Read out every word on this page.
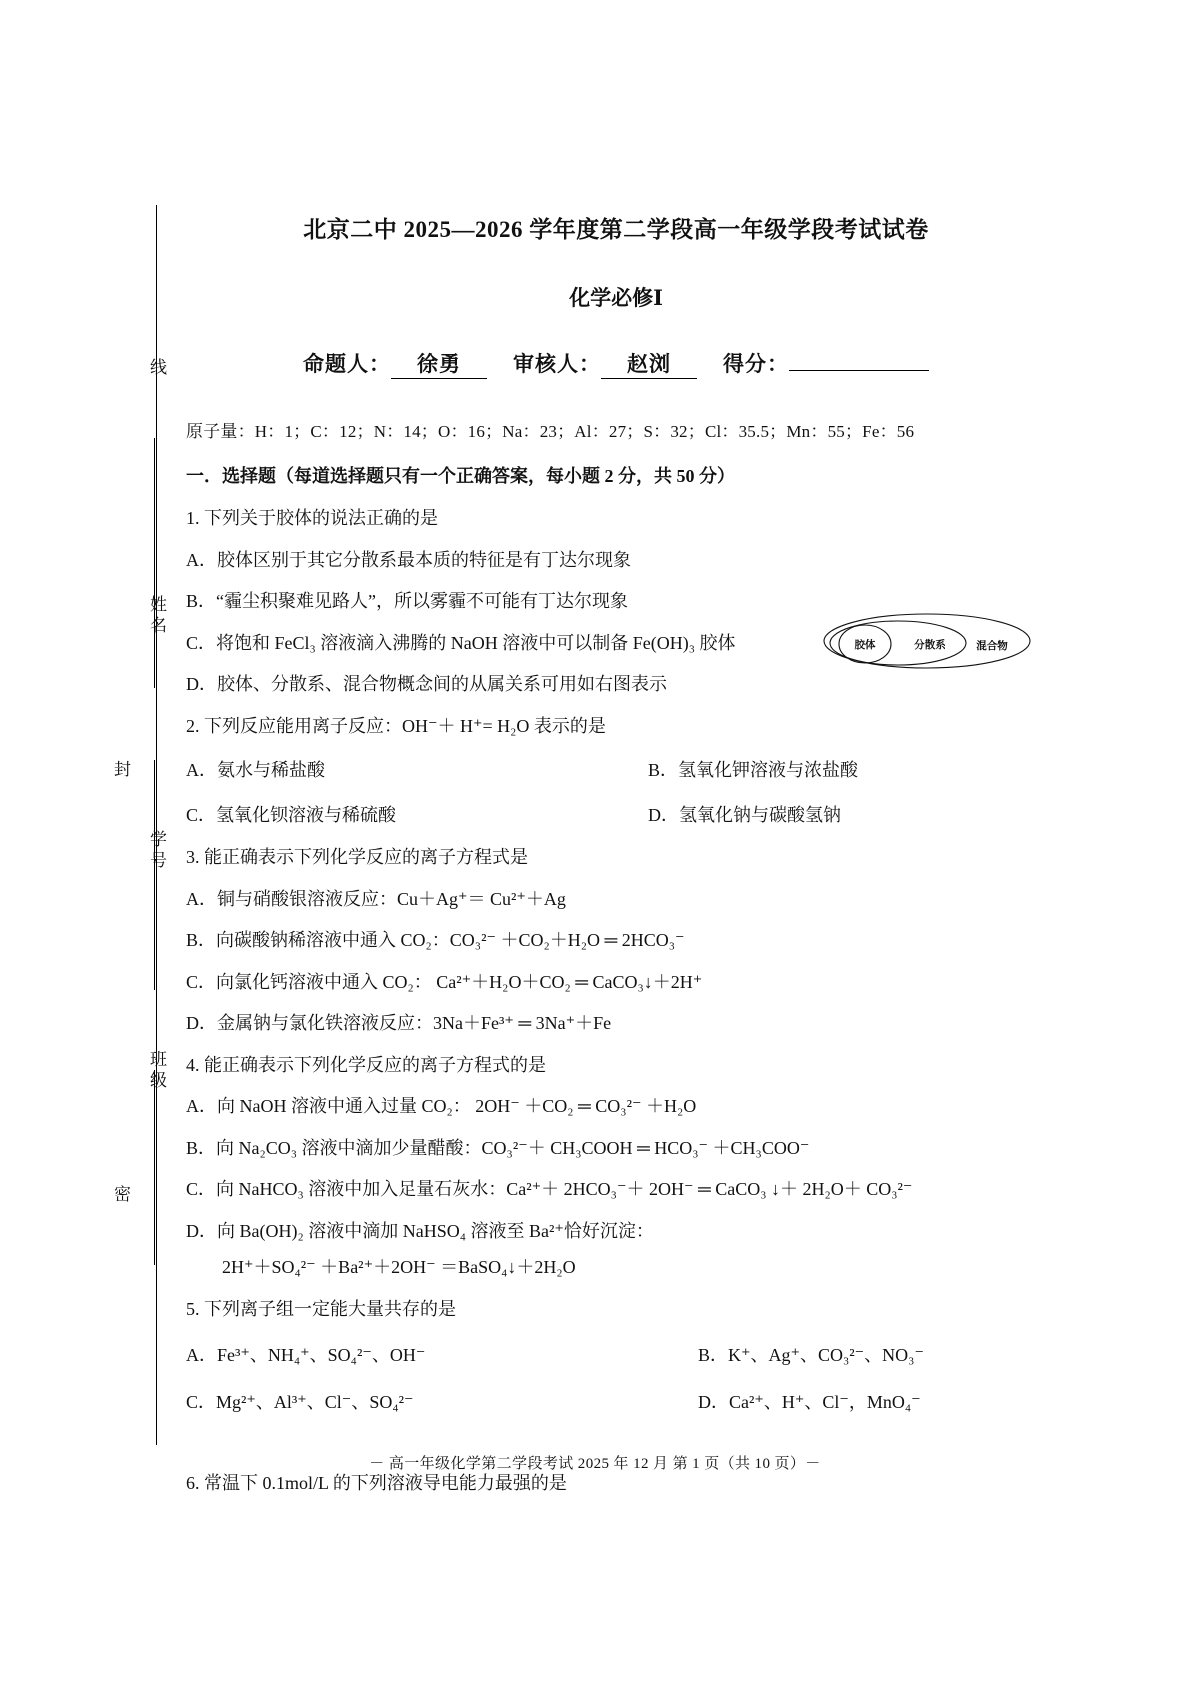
线
姓名
封
学号
班级
密
北京二中 2025—2026 学年度第二学段高一年级学段考试试卷
化学必修Ⅰ
命题人： 徐勇 审核人： 赵浏 得分：
原子量：H：1；C：12；N：14；O：16；Na：23；Al：27；S：32；Cl：35.5；Mn：55；Fe：56
一．选择题（每道选择题只有一个正确答案，每小题 2 分，共 50 分）
1. 下列关于胶体的说法正确的是
A．胶体区别于其它分散系最本质的特征是有丁达尔现象
B．“霾尘积聚难见路人”，所以雾霾不可能有丁达尔现象
C．将饱和 FeCl₃ 溶液滴入沸腾的 NaOH 溶液中可以制备 Fe(OH)₃ 胶体
D．胶体、分散系、混合物概念间的从属关系可用如右图表示
2. 下列反应能用离子反应：OH⁻＋ H⁺= H₂O 表示的是
A．氨水与稀盐酸	B．氢氧化钾溶液与浓盐酸
C．氢氧化钡溶液与稀硫酸	D．氢氧化钠与碳酸氢钠
3. 能正确表示下列化学反应的离子方程式是
A．铜与硝酸银溶液反应：Cu＋Ag⁺＝ Cu²⁺＋Ag
B．向碳酸钠稀溶液中通入 CO₂：CO₃²⁻ ＋CO₂＋H₂O ═ 2HCO₃⁻
C．向氯化钙溶液中通入 CO₂： Ca²⁺＋H₂O＋CO₂ ═ CaCO₃↓＋2H⁺
D．金属钠与氯化铁溶液反应：3Na＋Fe³⁺ ═ 3Na⁺＋Fe
4. 能正确表示下列化学反应的离子方程式的是
A．向 NaOH 溶液中通入过量 CO₂： 2OH⁻ ＋CO₂ ═ CO₃²⁻ ＋H₂O
B．向 Na₂CO₃ 溶液中滴加少量醋酸：CO₃²⁻＋ CH₃COOH ═ HCO₃⁻ ＋CH₃COO⁻
C．向 NaHCO₃ 溶液中加入足量石灰水：Ca²⁺＋ 2HCO₃⁻＋ 2OH⁻ ═ CaCO₃ ↓＋ 2H₂O＋ CO₃²⁻
D．向 Ba(OH)₂ 溶液中滴加 NaHSO₄ 溶液至 Ba²⁺恰好沉淀：
2H⁺＋SO₄²⁻ ＋Ba²⁺＋2OH⁻ ＝BaSO₄↓＋2H₂O
5. 下列离子组一定能大量共存的是
A．Fe³⁺、NH₄⁺、SO₄²⁻、OH⁻	B．K⁺、Ag⁺、CO₃²⁻、NO₃⁻
C．Mg²⁺、Al³⁺、Cl⁻、SO₄²⁻	D．Ca²⁺、H⁺、Cl⁻，MnO₄⁻
6. 常温下 0.1mol/L 的下列溶液导电能力最强的是
胶体	分散系	混合物
－ 高一年级化学第二学段考试 2025 年 12 月 第 1 页（共 10 页）－
